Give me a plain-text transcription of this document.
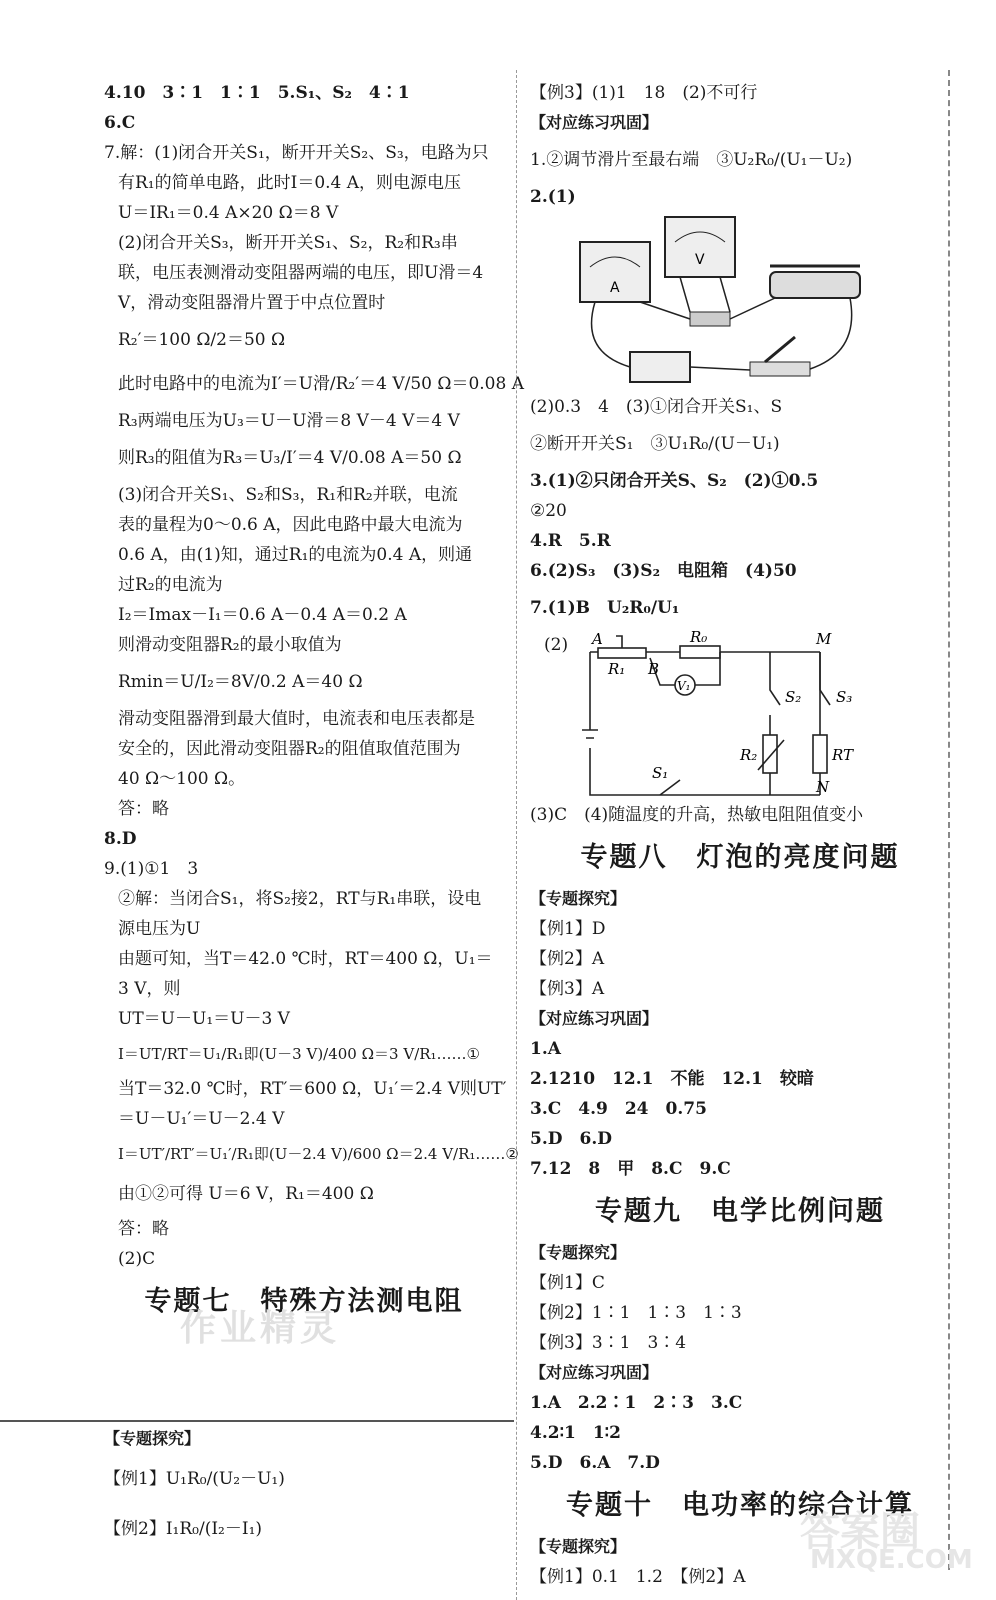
4.10　3∶1　1∶1　5.S₁、S₂　4∶1
6.C
7.解：(1)闭合开关S₁，断开开关S₂、S₃，电路为只
有R₁的简单电路，此时I＝0.4 A，则电源电压
U＝IR₁＝0.4 A×20 Ω＝8 V
(2)闭合开关S₃，断开开关S₁、S₂，R₂和R₃串
联，电压表测滑动变阻器两端的电压，即U滑＝4
V，滑动变阻器滑片置于中点位置时
R₂′＝100 Ω/2＝50 Ω
此时电路中的电流为I′＝U滑/R₂′＝4 V/50 Ω＝0.08 A
R₃两端电压为U₃＝U－U滑＝8 V－4 V＝4 V
则R₃的阻值为R₃＝U₃/I′＝4 V/0.08 A＝50 Ω
(3)闭合开关S₁、S₂和S₃，R₁和R₂并联，电流
表的量程为0～0.6 A，因此电路中最大电流为
0.6 A，由(1)知，通过R₁的电流为0.4 A，则通
过R₂的电流为
I₂＝Imax－I₁＝0.6 A－0.4 A＝0.2 A
则滑动变阻器R₂的最小取值为
Rmin＝U/I₂＝8V/0.2 A＝40 Ω
滑动变阻器滑到最大值时，电流表和电压表都是
安全的，因此滑动变阻器R₂的阻值取值范围为
40 Ω～100 Ω。
答：略
8.D
9.(1)①1　3
②解：当闭合S₁，将S₂接2，RT与R₁串联，设电
源电压为U
由题可知，当T＝42.0 ℃时，RT＝400 Ω，U₁＝
3 V，则
UT＝U－U₁＝U－3 V
I＝UT/RT＝U₁/R₁即(U－3 V)/400 Ω＝3 V/R₁……①
当T＝32.0 ℃时，RT′＝600 Ω，U₁′＝2.4 V则UT′
＝U－U₁′＝U－2.4 V
I＝UT′/RT′＝U₁′/R₁即(U－2.4 V)/600 Ω＝2.4 V/R₁……②
由①②可得 U＝6 V，R₁＝400 Ω
答：略
(2)C
专题七　特殊方法测电阻
【专题探究】
【例1】U₁R₀/(U₂－U₁)
【例2】I₁R₀/(I₂－I₁)
【例3】(1)1　18　(2)不可行
【对应练习巩固】
1.②调节滑片至最右端　③U₂R₀/(U₁－U₂)
2.(1)
A
V
(2)0.3　4　(3)①闭合开关S₁、S
②断开开关S₁　③U₁R₀/(U－U₁)
3.(1)②只闭合开关S、S₂　(2)①0.5
②20
4.R　5.R
6.(2)S₃　(3)S₂　电阻箱　(4)50
7.(1)B　U₂R₀/U₁
(2) A
B
R₀	M
R₁
V₁
S₂ S₃
R₂	RT
S₁
N
(3)C　(4)随温度的升高，热敏电阻阻值变小
专题八　灯泡的亮度问题
【专题探究】
【例1】D
【例2】A
【例3】A
【对应练习巩固】
1.A
2.1210　12.1　不能　12.1　较暗
3.C　4.9　24　0.75
5.D　6.D
7.12　8　甲　8.C　9.C
专题九　电学比例问题
【专题探究】
【例1】C
【例2】1∶1　1∶3　1∶3
【例3】3∶1　3∶4
【对应练习巩固】
1.A　2.2∶1　2∶3　3.C
4.2∶1　1∶2
5.D　6.A　7.D
专题十　电功率的综合计算
【专题探究】
【例1】0.1　1.2　【例2】A
作业精灵
答案圈
MXQE.COM
